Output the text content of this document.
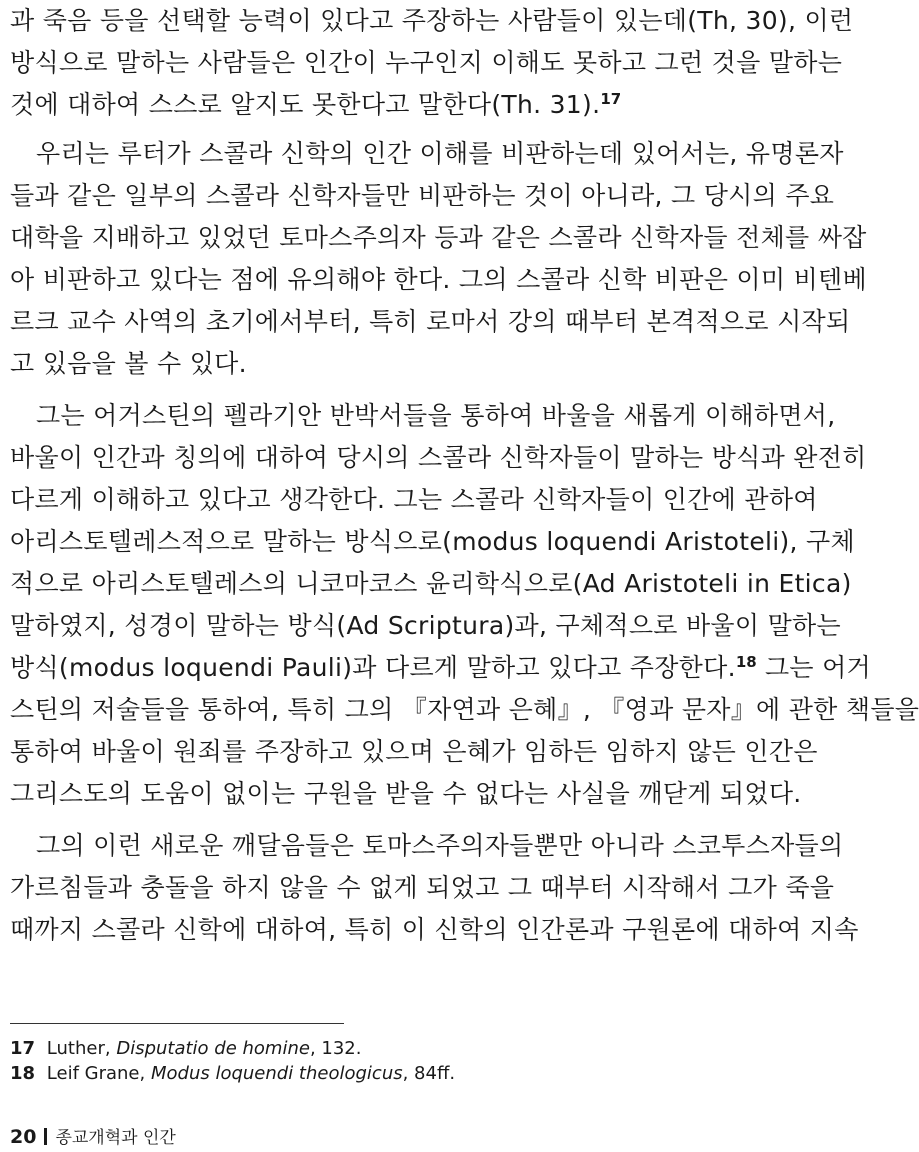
과 죽음 등을 선택할 능력이 있다고 주장하는 사람들이 있는데(Th, 30), 이런
방식으로 말하는 사람들은 인간이 누구인지 이해도 못하고 그런 것을 말하는
것에 대하여 스스로 알지도 못한다고 말한다(Th. 31).$^{17}$
우리는 루터가 스콜라 신학의 인간 이해를 비판하는데 있어서는, 유명론자
들과 같은 일부의 스콜라 신학자들만 비판하는 것이 아니라, 그 당시의 주요
대학을 지배하고 있었던 토마스주의자 등과 같은 스콜라 신학자들 전체를 싸잡
아 비판하고 있다는 점에 유의해야 한다. 그의 스콜라 신학 비판은 이미 비텐베
르크 교수 사역의 초기에서부터, 특히 로마서 강의 때부터 본격적으로 시작되
고 있음을 볼 수 있다.
그는 어거스틴의 펠라기안 반박서들을 통하여 바울을 새롭게 이해하면서,
바울이 인간과 칭의에 대하여 당시의 스콜라 신학자들이 말하는 방식과 완전히
다르게 이해하고 있다고 생각한다. 그는 스콜라 신학자들이 인간에 관하여
아리스토텔레스적으로 말하는 방식으로(modus loquendi Aristoteli), 구체
적으로 아리스토텔레스의 니코마코스 윤리학식으로(Ad Aristoteli in Etica)
말하였지, 성경이 말하는 방식(Ad Scriptura)과, 구체적으로 바울이 말하는
방식(modus loquendi Pauli)과 다르게 말하고 있다고 주장한다.$^{18}$ 그는 어거
스틴의 저술들을 통하여, 특히 그의 『자연과 은혜』, 『영과 문자』에 관한 책들을
통하여 바울이 원죄를 주장하고 있으며 은혜가 임하든 임하지 않든 인간은
그리스도의 도움이 없이는 구원을 받을 수 없다는 사실을 깨닫게 되었다.
그의 이런 새로운 깨달음들은 토마스주의자들뿐만 아니라 스코투스자들의
가르침들과 충돌을 하지 않을 수 없게 되었고 그 때부터 시작해서 그가 죽을
때까지 스콜라 신학에 대하여, 특히 이 신학의 인간론과 구원론에 대하여 지속
17 Luther, Disputatio de homine, 132.
18 Leif Grane, Modus loquendi theologicus, 84ff.
20 종교개혁과 인간
